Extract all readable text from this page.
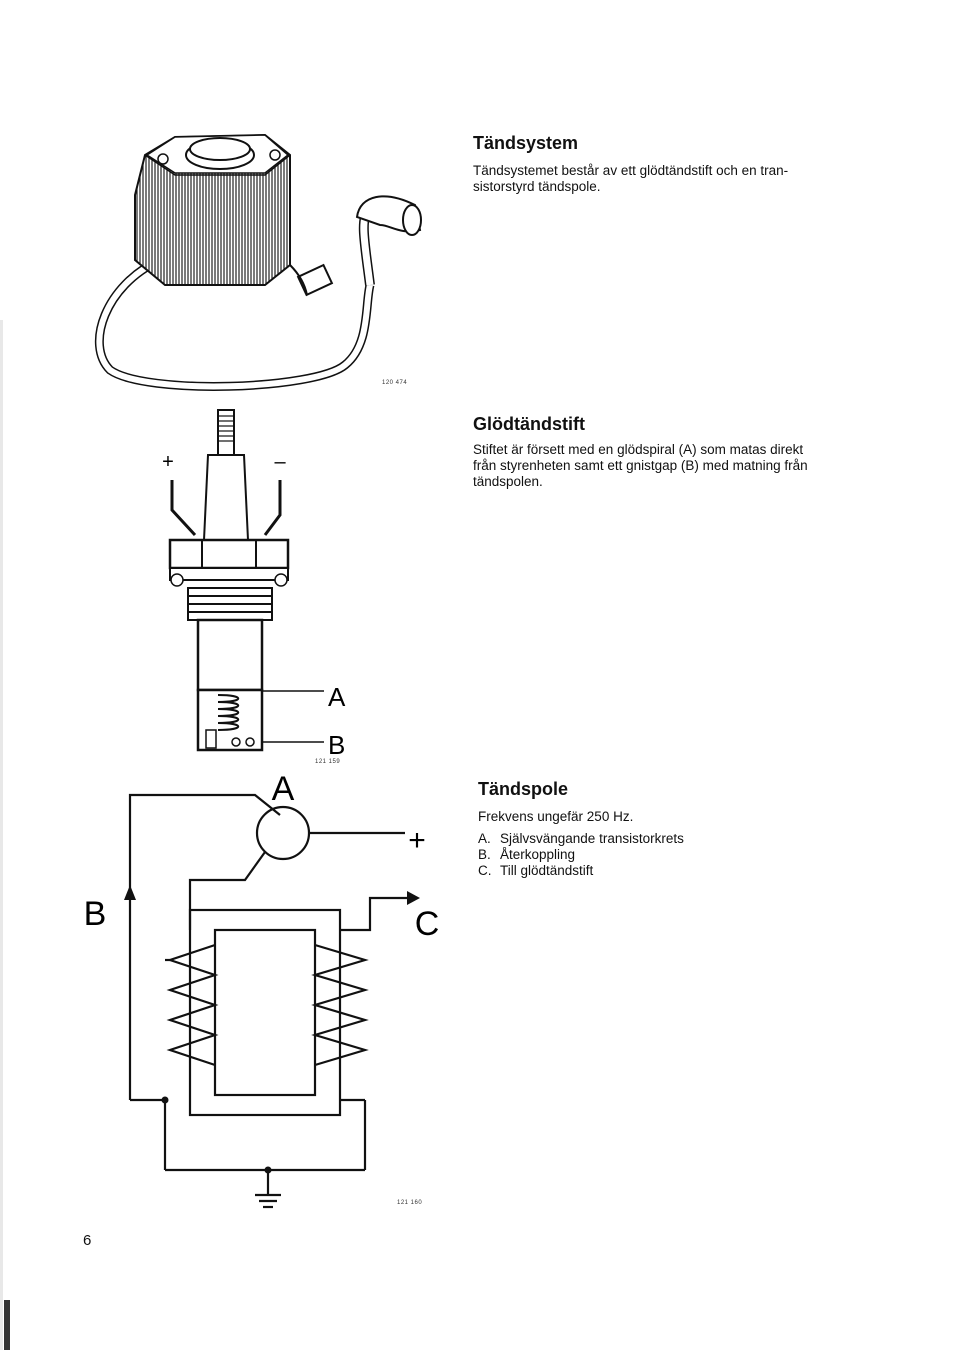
Tändsystem

Tändsystemet består av ett glödtändstift och en tran-
sistorstyrd tändspole.

120 474
Glödtändstift

Stiftet är försett med en glödspiral (A) som matas direkt
från styrenheten samt ett gnistgap (B) med matning från
tändspolen.

+	–
A
B
121 159
Tändspole

Frekvens ungefär 250 Hz.

A. Självsvängande transistorkrets
B. Återkoppling
C. Till glödtändstift
A
B	C
+
121 160
6
